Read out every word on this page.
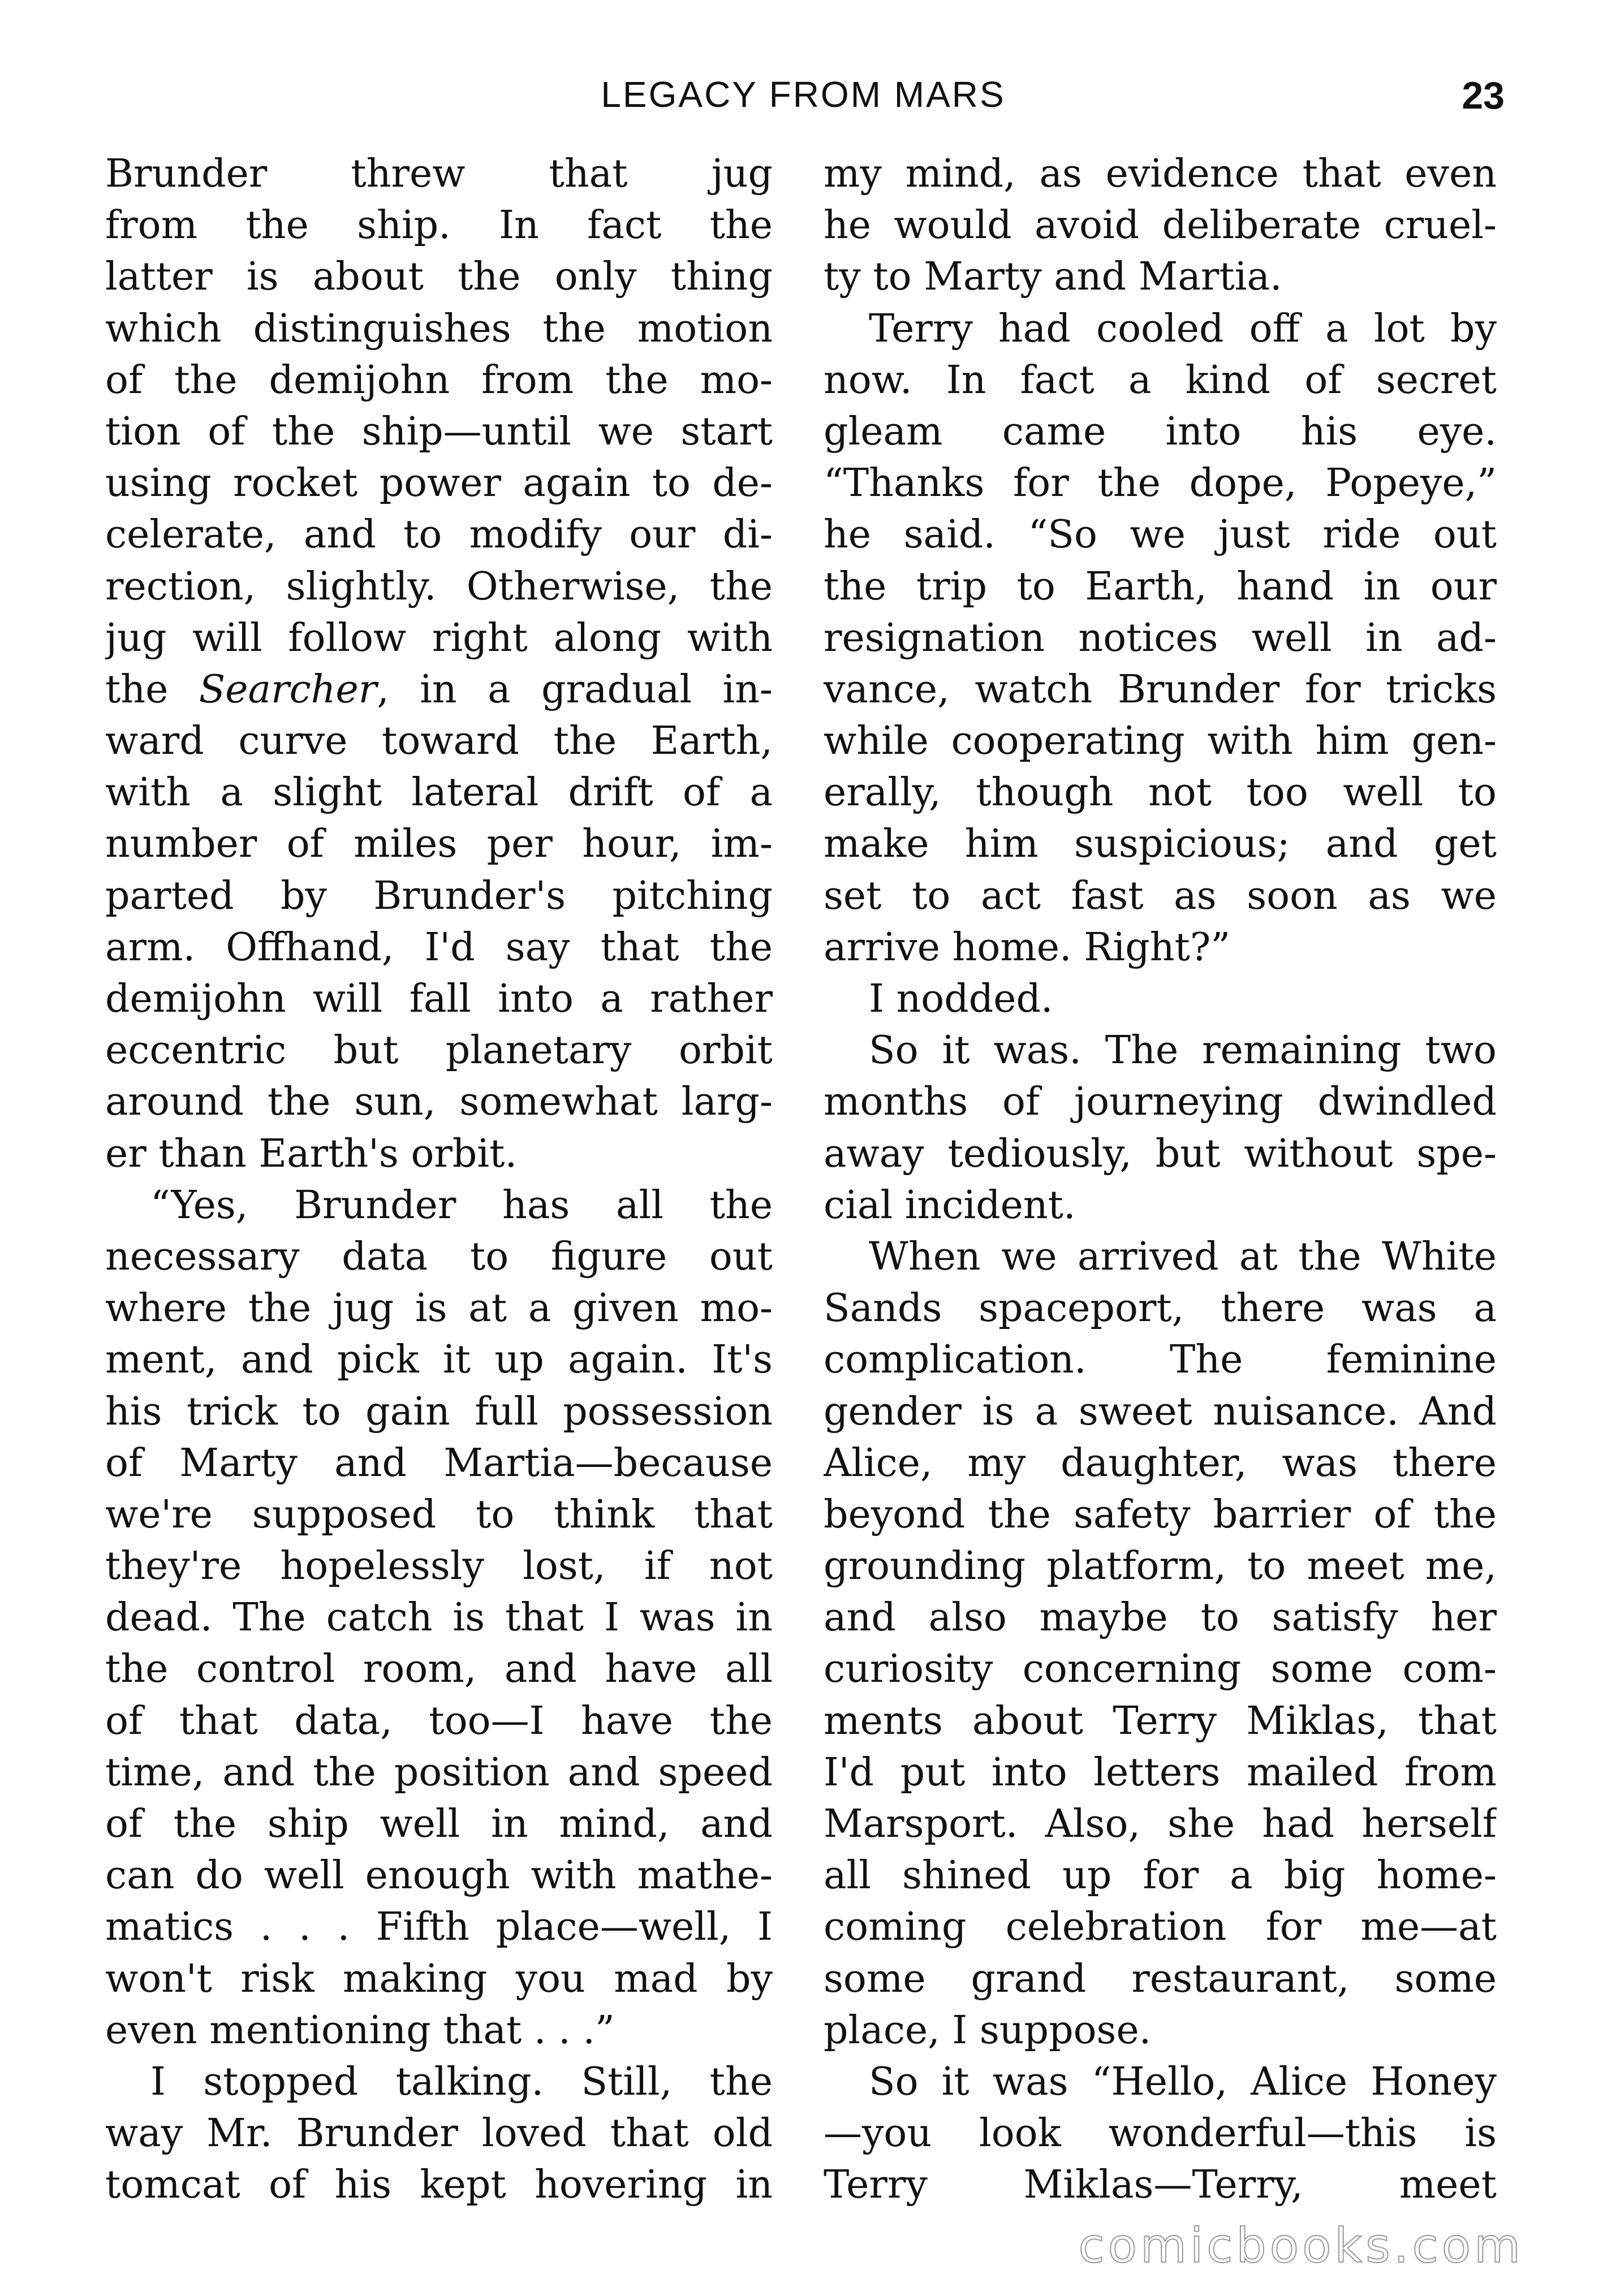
LEGACY FROM MARS	23
Brunder threw that jug
from the ship. In fact the
latter is about the only thing
which distinguishes the motion
of the demijohn from the mo-
tion of the ship—until we start
using rocket power again to de-
celerate, and to modify our di-
rection, slightly. Otherwise, the
jug will follow right along with
the Searcher, in a gradual in-
ward curve toward the Earth,
with a slight lateral drift of a
number of miles per hour, im-
parted by Brunder's pitching
arm. Offhand, I'd say that the
demijohn will fall into a rather
eccentric but planetary orbit
around the sun, somewhat larg-
er than Earth's orbit.
“Yes, Brunder has all the
necessary data to figure out
where the jug is at a given mo-
ment, and pick it up again. It's
his trick to gain full possession
of Marty and Martia—because
we're supposed to think that
they're hopelessly lost, if not
dead. The catch is that I was in
the control room, and have all
of that data, too—I have the
time, and the position and speed
of the ship well in mind, and
can do well enough with mathe-
matics . . . Fifth place—well, I
won't risk making you mad by
even mentioning that . . .”
I stopped talking. Still, the
way Mr. Brunder loved that old
tomcat of his kept hovering in
my mind, as evidence that even
he would avoid deliberate cruel-
ty to Marty and Martia.
Terry had cooled off a lot by
now. In fact a kind of secret
gleam came into his eye.
“Thanks for the dope, Popeye,”
he said. “So we just ride out
the trip to Earth, hand in our
resignation notices well in ad-
vance, watch Brunder for tricks
while cooperating with him gen-
erally, though not too well to
make him suspicious; and get
set to act fast as soon as we
arrive home. Right?”
I nodded.
So it was. The remaining two
months of journeying dwindled
away tediously, but without spe-
cial incident.
When we arrived at the White
Sands spaceport, there was a
complication. The feminine
gender is a sweet nuisance. And
Alice, my daughter, was there
beyond the safety barrier of the
grounding platform, to meet me,
and also maybe to satisfy her
curiosity concerning some com-
ments about Terry Miklas, that
I'd put into letters mailed from
Marsport. Also, she had herself
all shined up for a big home-
coming celebration for me—at
some grand restaurant, some
place, I suppose.
So it was “Hello, Alice Honey
—you look wonderful—this is
Terry Miklas—Terry, meet
comicbooks.com
